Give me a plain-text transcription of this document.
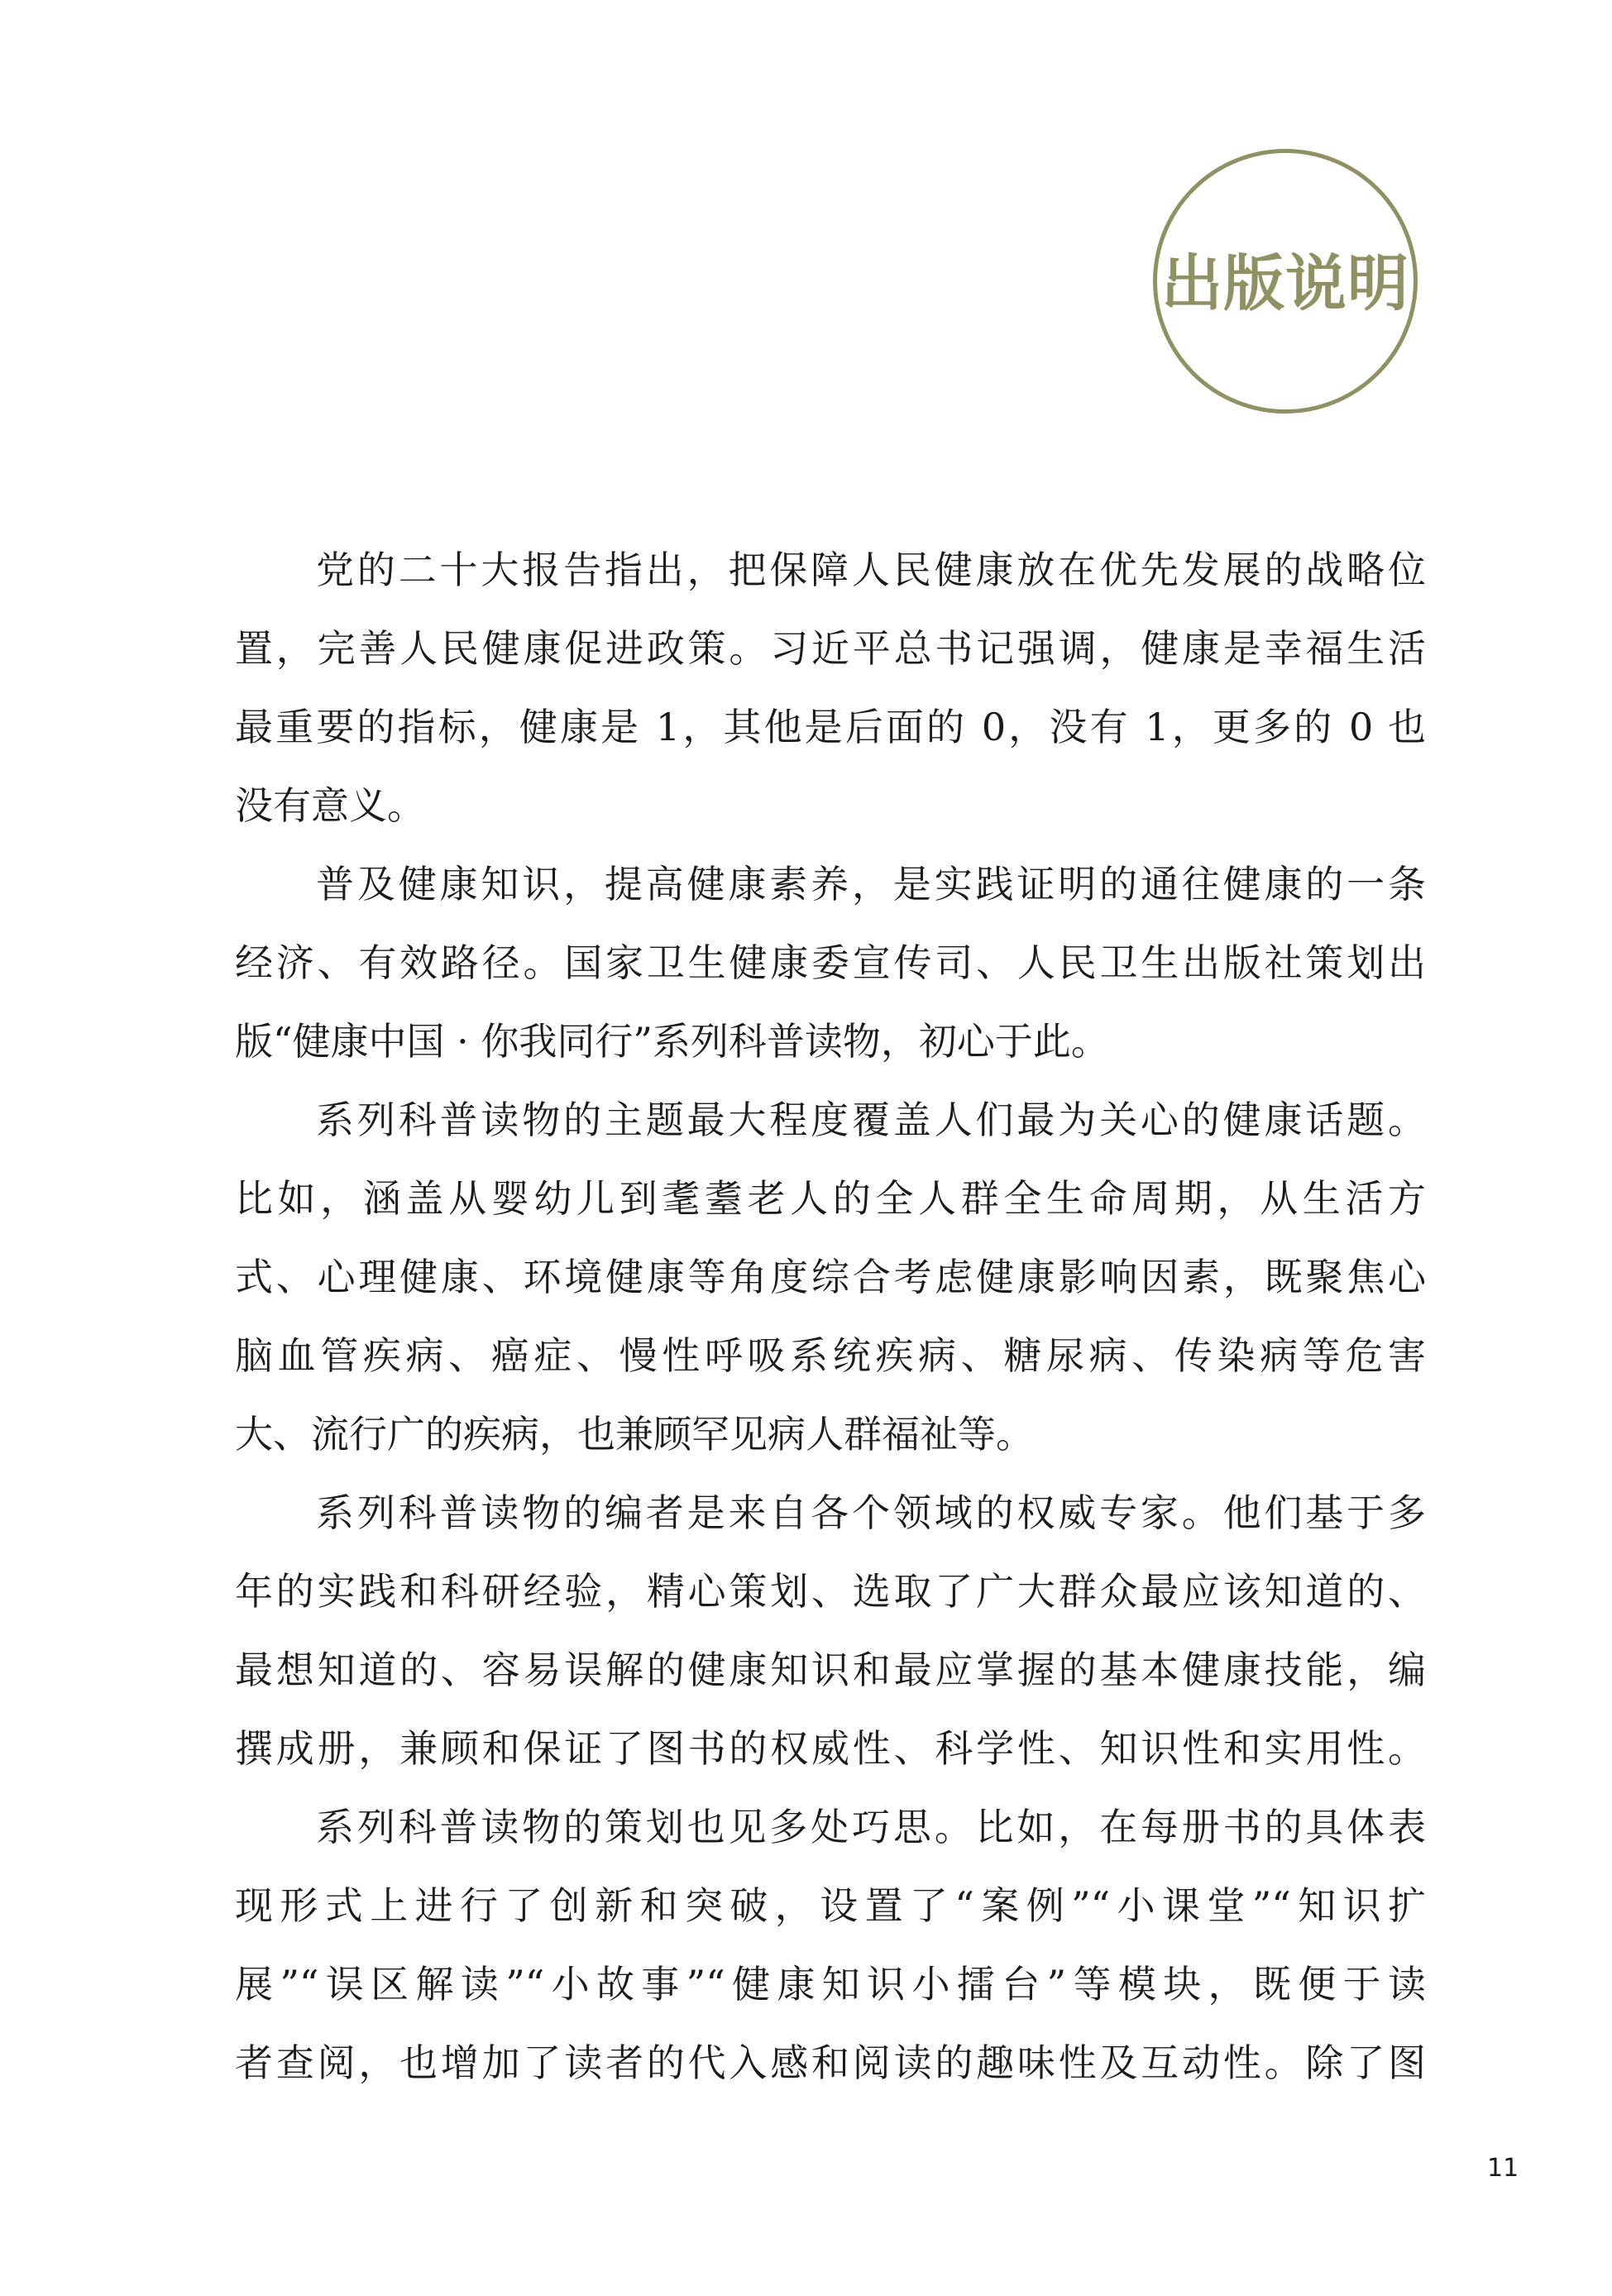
出版说明

党的二十大报告指出，把保障人民健康放在优先发展的战略位
置，完善人民健康促进政策。习近平总书记强调，健康是幸福生活
最重要的指标，健康是 1，其他是后面的 0，没有 1，更多的 0 也
没有意义。

普及健康知识，提高健康素养，是实践证明的通往健康的一条
经济、有效路径。国家卫生健康委宣传司、人民卫生出版社策划出
版“健康中国 · 你我同行”系列科普读物，初心于此。

系列科普读物的主题最大程度覆盖人们最为关心的健康话题。
比如，涵盖从婴幼儿到耄耋老人的全人群全生命周期，从生活方
式、心理健康、环境健康等角度综合考虑健康影响因素，既聚焦心
脑血管疾病、癌症、慢性呼吸系统疾病、糖尿病、传染病等危害
大、流行广的疾病，也兼顾罕见病人群福祉等。

系列科普读物的编者是来自各个领域的权威专家。他们基于多
年的实践和科研经验，精心策划、选取了广大群众最应该知道的、
最想知道的、容易误解的健康知识和最应掌握的基本健康技能，编
撰成册，兼顾和保证了图书的权威性、科学性、知识性和实用性。

系列科普读物的策划也见多处巧思。比如，在每册书的具体表
现形式上进行了创新和突破，设置了“案例”“小课堂”“知识扩
展”“误区解读”“小故事”“健康知识小擂台”等模块，既便于读
者查阅，也增加了读者的代入感和阅读的趣味性及互动性。除了图

11
